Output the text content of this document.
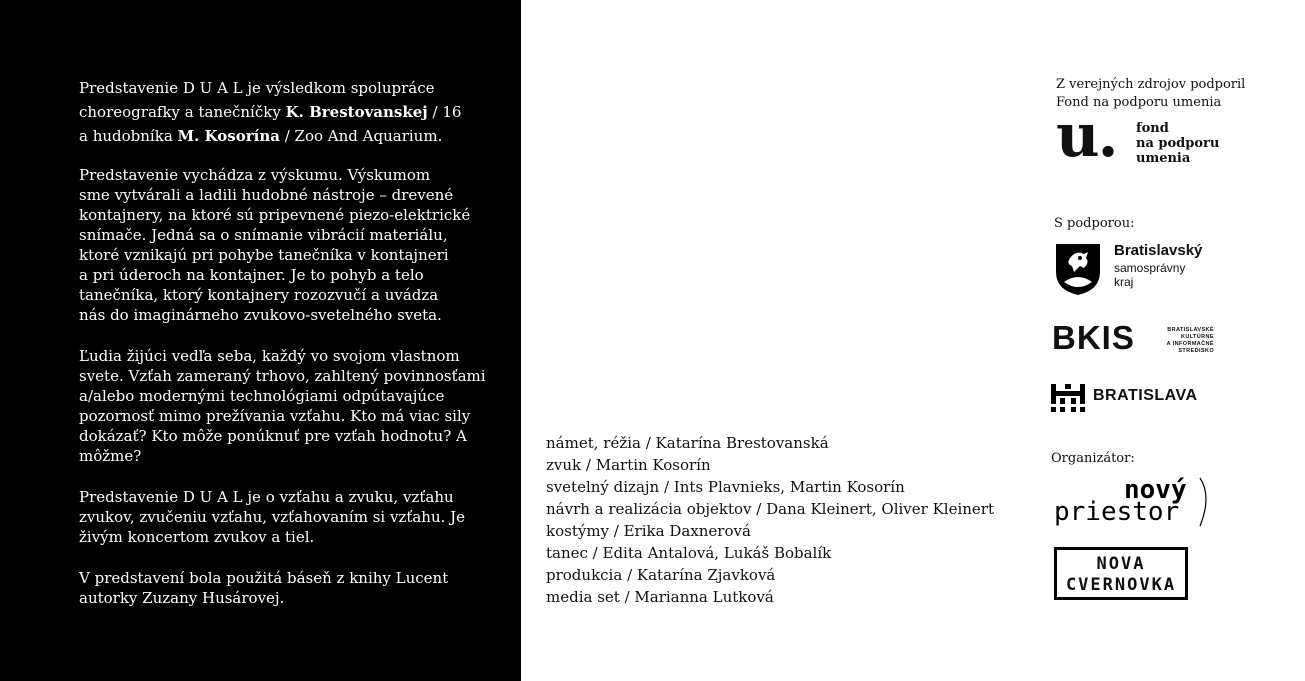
Predstavenie D U A L je výsledkom spolupráce
choreografky a tanečníčky K. Brestovanskej / 16
a hudobníka M. Kosorína / Zoo And Aquarium.

Predstavenie vychádza z výskumu. Výskumom
sme vytvárali a ladili hudobné nástroje – drevené
kontajnery, na ktoré sú pripevnené piezo-elektrické
snímače. Jedná sa o snímanie vibrácií materiálu,
ktoré vznikajú pri pohybe tanečníka v kontajneri
a pri úderoch na kontajner. Je to pohyb a telo
tanečníka, ktorý kontajnery rozozvučí a uvádza
nás do imaginárneho zvukovo-svetelného sveta.

Ľudia žijúci vedľa seba, každý vo svojom vlastnom
svete. Vzťah zameraný trhovo, zahltený povinnosťami
a/alebo modernými technológiami odpútavajúce
pozornosť mimo prežívania vzťahu. Kto má viac sily
dokázať? Kto môže ponúknuť pre vzťah hodnotu? A
môžme?

Predstavenie D U A L je o vzťahu a zvuku, vzťahu
zvukov, zvučeniu vzťahu, vzťahovaním si vzťahu. Je
živým koncertom zvukov a tiel.

V predstavení bola použitá báseň z knihy Lucent
autorky Zuzany Husárovej.

námet, réžia / Katarína Brestovanská
zvuk / Martin Kosorín
svetelný dizajn / Ints Plavnieks, Martin Kosorín
návrh a realizácia objektov / Dana Kleinert, Oliver Kleinert
kostýmy / Erika Daxnerová
tanec / Edita Antalová, Lukáš Bobalík
produkcia / Katarína Zjavková
media set / Marianna Lutková
Z verejných zdrojov podporil
Fond na podporu umenia
u. fond
na podporu
umenia
S podporou:
Bratislavský
samosprávny
kraj
BKIS	BRATISLAVSKÉ
KULTÚRNE
A INFORMAČNÉ
STREDISKO
BRATISLAVA
Organizátor:
nový
priestor
NOVA
CVERNOVKA
